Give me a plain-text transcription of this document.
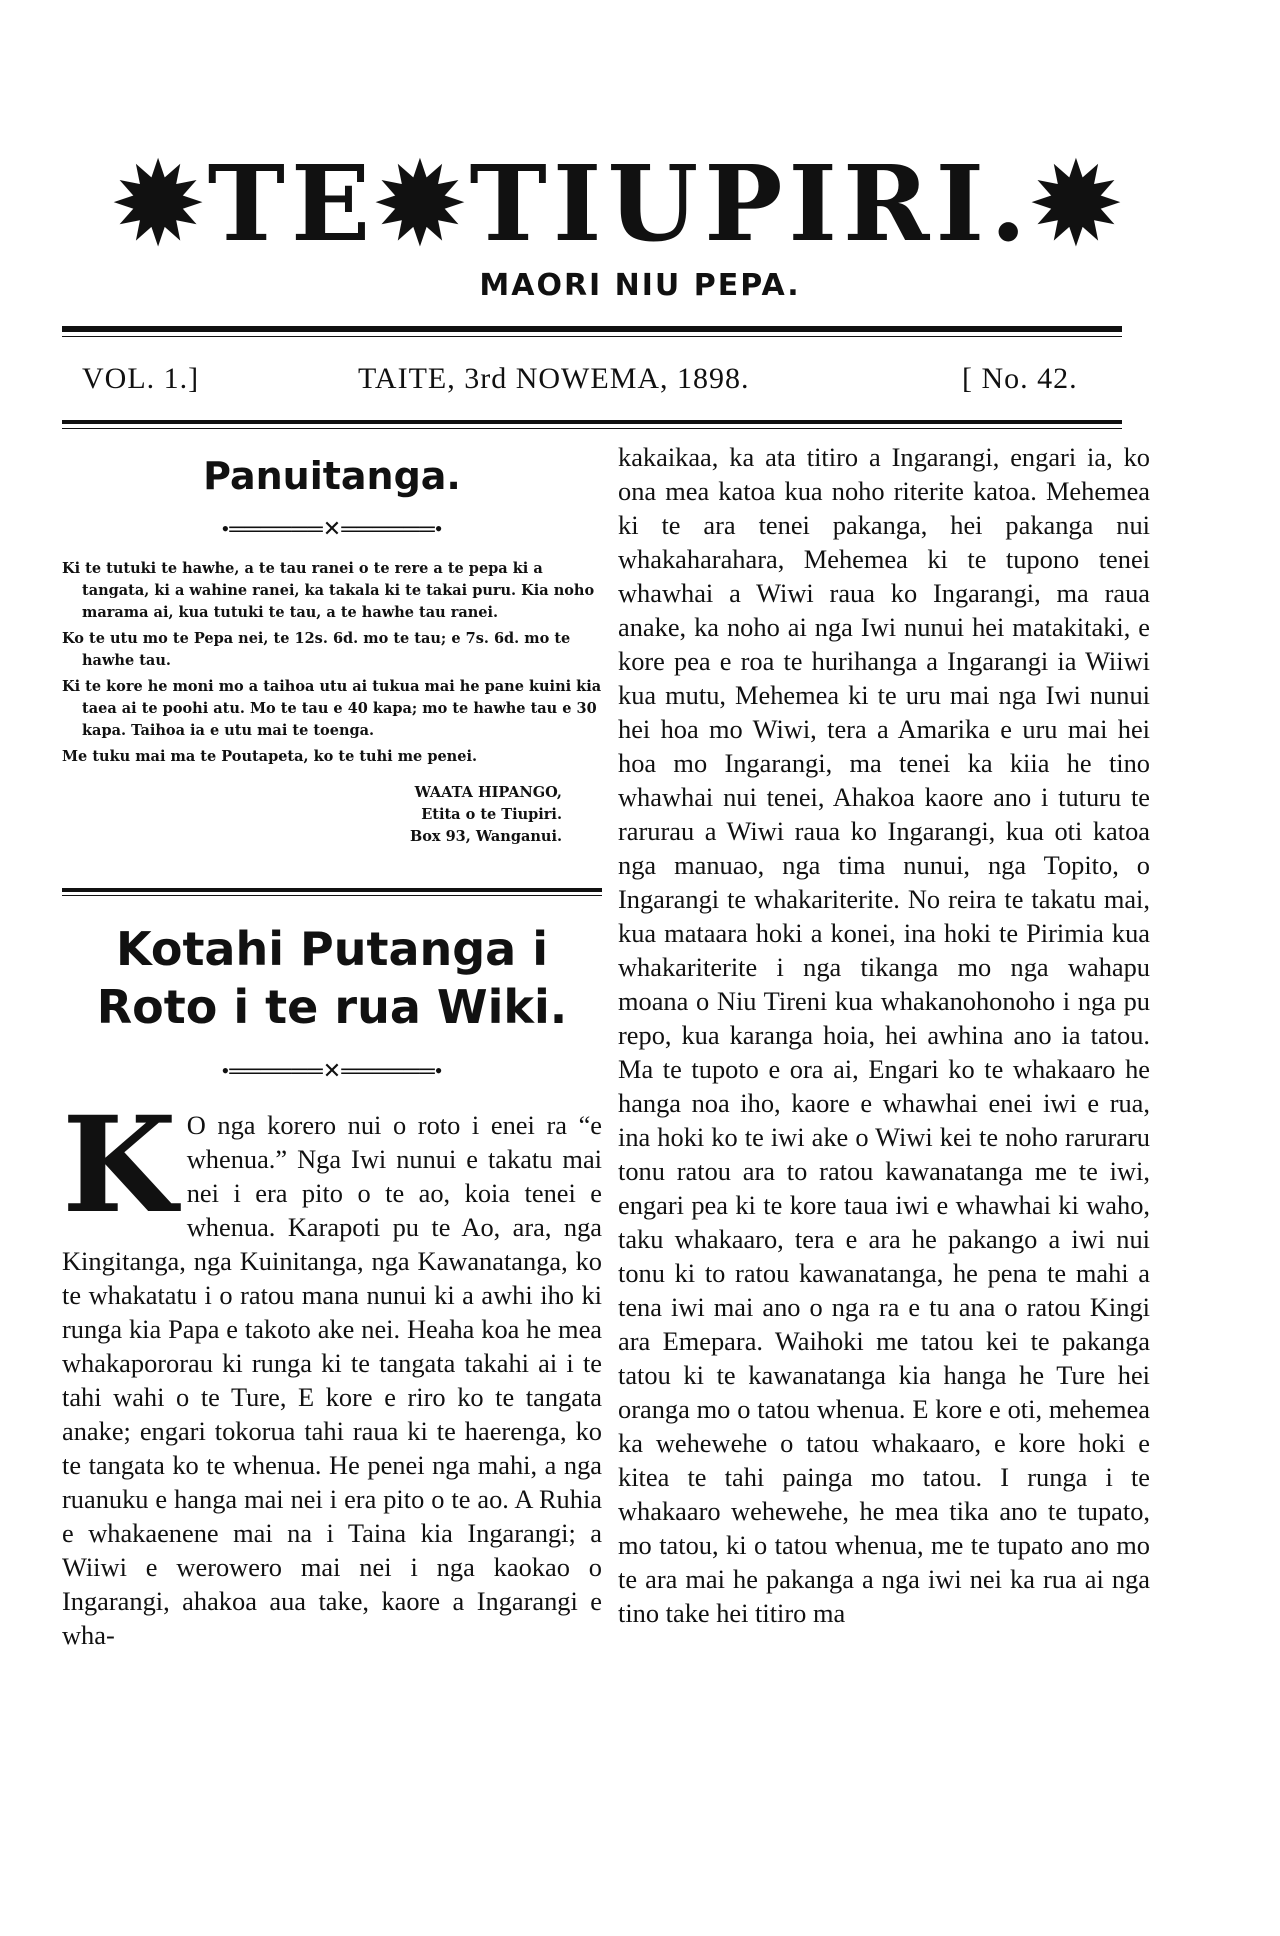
✹TE✹TIUPIRI.✹
MAORI NIU PEPA.
VOL. 1.]	TAITE, 3rd NOWEMA, 1898.	[ No. 42.
Panuitanga.
•══════✕══════•

Ki te tutuki te hawhe, a te tau ranei o te rere a te pepa ki a tangata, ki a wahine ranei, ka takala ki te takai puru. Kia noho marama ai, kua tutuki te tau, a te hawhe tau ranei.

Ko te utu mo te Pepa nei, te 12s. 6d. mo te tau; e 7s. 6d. mo te hawhe tau.

Ki te kore he moni mo a taihoa utu ai tukua mai he pane kuini kia taea ai te poohi atu. Mo te tau e 40 kapa; mo te hawhe tau e 30 kapa. Taihoa ia e utu mai te toenga.

Me tuku mai ma te Poutapeta, ko te tuhi me penei.

WAATA HIPANGO,
Etita o te Tiupiri.
Box 93, Wanganui.
Kotahi Putanga i Roto i te rua Wiki.
•══════✕══════•

K O nga korero nui o roto i enei ra “e whenua.” Nga Iwi nunui e takatu mai nei i era pito o te ao, koia tenei e whenua. Karapoti pu te Ao, ara, nga Kingitanga, nga Kuinitanga, nga Kawanatanga, ko te whakatatu i o ratou mana nunui ki a awhi iho ki runga kia Papa e takoto ake nei. Heaha koa he mea whakapororau ki runga ki te tangata takahi ai i te tahi wahi o te Ture, E kore e riro ko te tangata anake; engari tokorua tahi raua ki te haerenga, ko te tangata ko te whenua. He penei nga mahi, a nga ruanuku e hanga mai nei i era pito o te ao. A Ruhia e whakaenene mai na i Taina kia Ingarangi; a Wiiwi e werowero mai nei i nga kaokao o Ingarangi, ahakoa aua take, kaore a Ingarangi e wha-

kakaikaa, ka ata titiro a Ingarangi, engari ia, ko ona mea katoa kua noho riterite katoa. Mehemea ki te ara tenei pakanga, hei pakanga nui whakaharahara, Mehemea ki te tupono tenei whawhai a Wiwi raua ko Ingarangi, ma raua anake, ka noho ai nga Iwi nunui hei matakitaki, e kore pea e roa te hurihanga a Ingarangi ia Wiiwi kua mutu, Mehemea ki te uru mai nga Iwi nunui hei hoa mo Wiwi, tera a Amarika e uru mai hei hoa mo Ingarangi, ma tenei ka kiia he tino whawhai nui tenei, Ahakoa kaore ano i tuturu te rarurau a Wiwi raua ko Ingarangi, kua oti katoa nga manuao, nga tima nunui, nga Topito, o Ingarangi te whakariterite. No reira te takatu mai, kua mataara hoki a konei, ina hoki te Pirimia kua whakariterite i nga tikanga mo nga wahapu moana o Niu Tireni kua whakanohonoho i nga pu repo, kua karanga hoia, hei awhina ano ia tatou. Ma te tupoto e ora ai, Engari ko te whakaaro he hanga noa iho, kaore e whawhai enei iwi e rua, ina hoki ko te iwi ake o Wiwi kei te noho raruraru tonu ratou ara to ratou kawanatanga me te iwi, engari pea ki te kore taua iwi e whawhai ki waho, taku whakaaro, tera e ara he pakango a iwi nui tonu ki to ratou kawanatanga, he pena te mahi a tena iwi mai ano o nga ra e tu ana o ratou Kingi ara Emepara. Waihoki me tatou kei te pakanga tatou ki te kawanatanga kia hanga he Ture hei oranga mo o tatou whenua. E kore e oti, mehemea ka wehewehe o tatou whakaaro, e kore hoki e kitea te tahi painga mo tatou. I runga i te whakaaro wehewehe, he mea tika ano te tupato, mo tatou, ki o tatou whenua, me te tupato ano mo te ara mai he pakanga a nga iwi nei ka rua ai nga tino take hei titiro ma
